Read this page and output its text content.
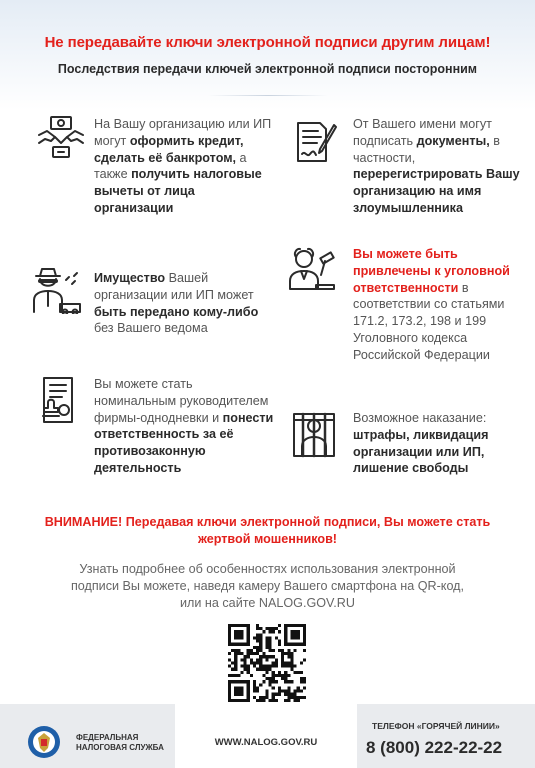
Не передавайте ключи электронной подписи другим лицам!
Последствия передачи ключей электронной подписи посторонним
На Вашу организацию или ИП могут оформить кредит, сделать её банкротом, а также получить налоговые вычеты от лица организации
От Вашего имени могут подписать документы, в частности, перерегистрировать Вашу организацию на имя злоумышленника
Имущество Вашей организации или ИП может быть передано кому-либо без Вашего ведома
Вы можете быть привлечены к уголовной ответственности в соответствии со статьями 171.2, 173.2, 198 и 199 Уголовного кодекса Российской Федерации
Вы можете стать номинальным руководителем фирмы-однодневки и понести ответственность за её противозаконную деятельность
Возможное наказание: штрафы, ликвидация организации или ИП, лишение свободы
ВНИМАНИЕ! Передавая ключи электронной подписи, Вы можете стать жертвой мошенников!
Узнать подробнее об особенностях использования электронной подписи Вы можете, наведя камеру Вашего смартфона на QR-код, или на сайте NALOG.GOV.RU
ФЕДЕРАЛЬНАЯ
НАЛОГОВАЯ СЛУЖБА	WWW.NALOG.GOV.RU
ТЕЛЕФОН «ГОРЯЧЕЙ ЛИНИИ»
8 (800) 222-22-22
